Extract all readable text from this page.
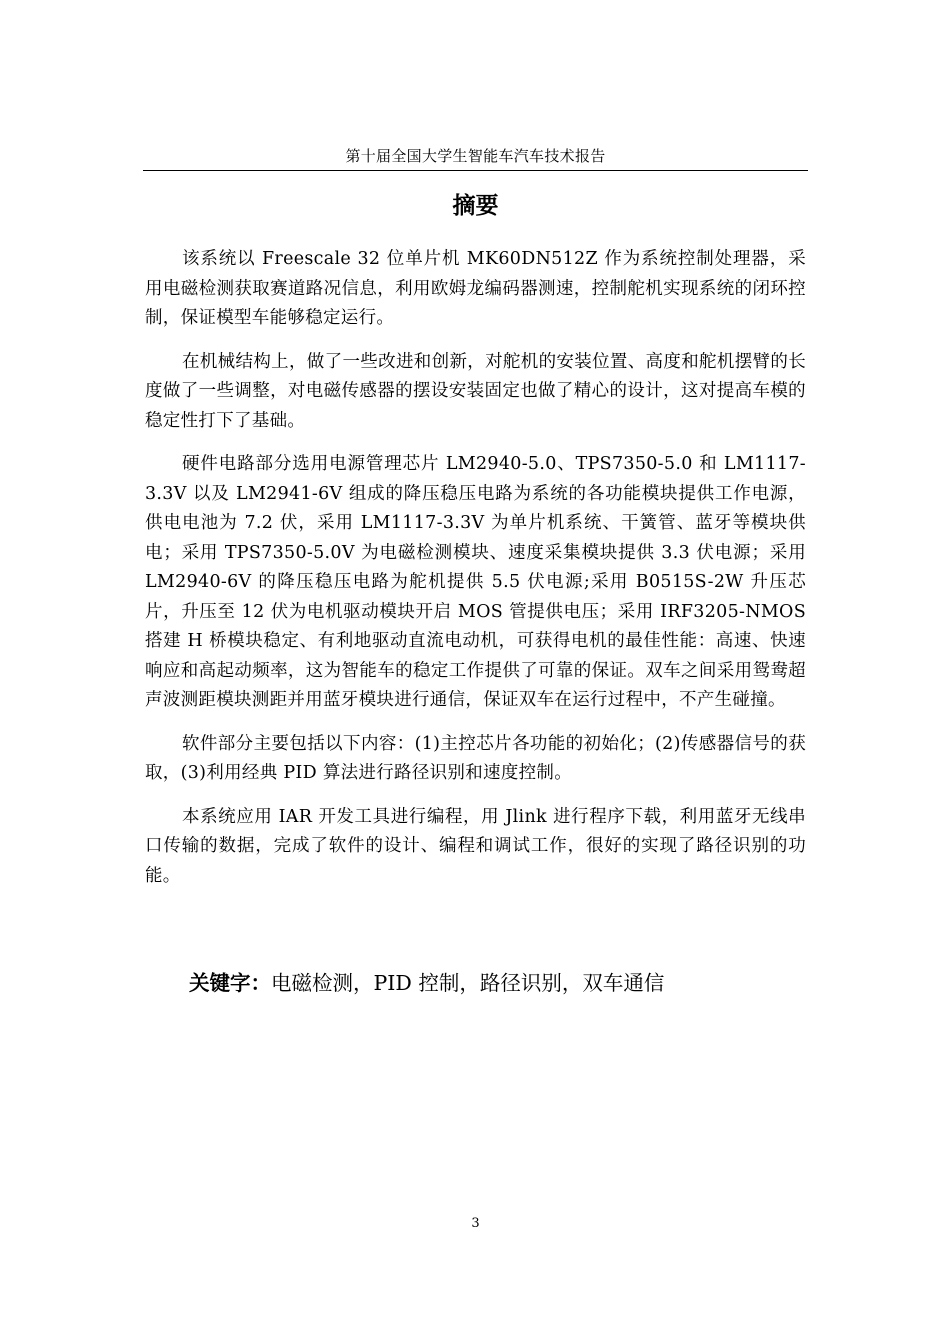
第十届全国大学生智能车汽车技术报告
摘要

该系统以 Freescale 32 位单片机 MK60DN512Z 作为系统控制处理器，采用电磁检测获取赛道路况信息，利用欧姆龙编码器测速，控制舵机实现系统的闭环控制，保证模型车能够稳定运行。

在机械结构上，做了一些改进和创新，对舵机的安装位置、高度和舵机摆臂的长度做了一些调整，对电磁传感器的摆设安装固定也做了精心的设计，这对提高车模的稳定性打下了基础。

硬件电路部分选用电源管理芯片 LM2940-5.0、TPS7350-5.0 和 LM1117-3.3V 以及 LM2941-6V 组成的降压稳压电路为系统的各功能模块提供工作电源，供电电池为 7.2 伏，采用 LM1117-3.3V 为单片机系统、干簧管、蓝牙等模块供电；采用 TPS7350-5.0V 为电磁检测模块、速度采集模块提供 3.3 伏电源；采用 LM2940-6V 的降压稳压电路为舵机提供 5.5 伏电源;采用 B0515S-2W 升压芯片，升压至 12 伏为电机驱动模块开启 MOS 管提供电压；采用 IRF3205-NMOS 搭建 H 桥模块稳定、有利地驱动直流电动机，可获得电机的最佳性能：高速、快速响应和高起动频率，这为智能车的稳定工作提供了可靠的保证。双车之间采用鸳鸯超声波测距模块测距并用蓝牙模块进行通信，保证双车在运行过程中，不产生碰撞。

软件部分主要包括以下内容：(1)主控芯片各功能的初始化；(2)传感器信号的获取，(3)利用经典 PID 算法进行路径识别和速度控制。

本系统应用 IAR 开发工具进行编程，用 Jlink 进行程序下载，利用蓝牙无线串口传输的数据，完成了软件的设计、编程和调试工作，很好的实现了路径识别的功能。

关键字：电磁检测，PID 控制，路径识别，双车通信
3
